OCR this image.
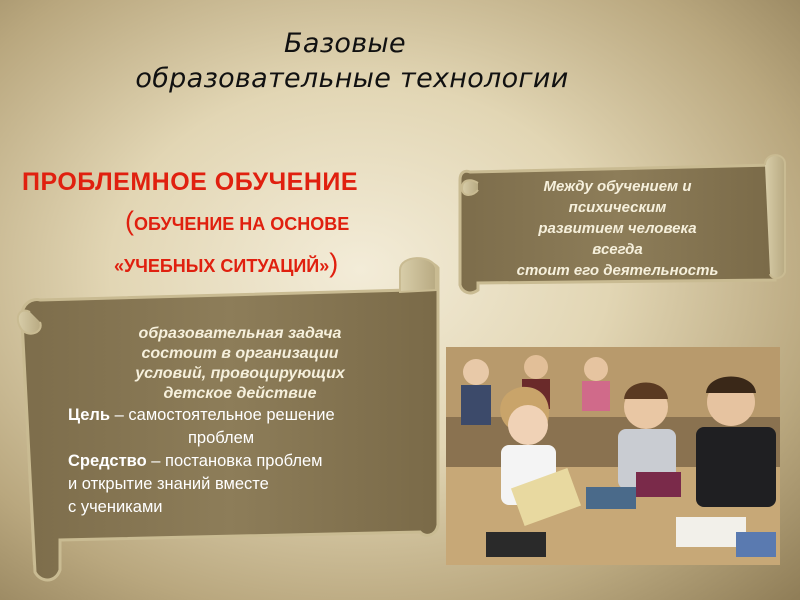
Базовые
образовательные технологии
ПРОБЛЕМНОЕ ОБУЧЕНИЕ
(ОБУЧЕНИЕ НА ОСНОВЕ
«УЧЕБНЫХ СИТУАЦИЙ»)
Между обучением и
психическим
развитием человека
всегда
стоит его деятельность
образовательная задача
состоит в организации
условий, провоцирующих
детское действие
Цель – самостоятельное решение
проблем
Средство – постановка проблем
и открытие знаний вместе
с учениками
